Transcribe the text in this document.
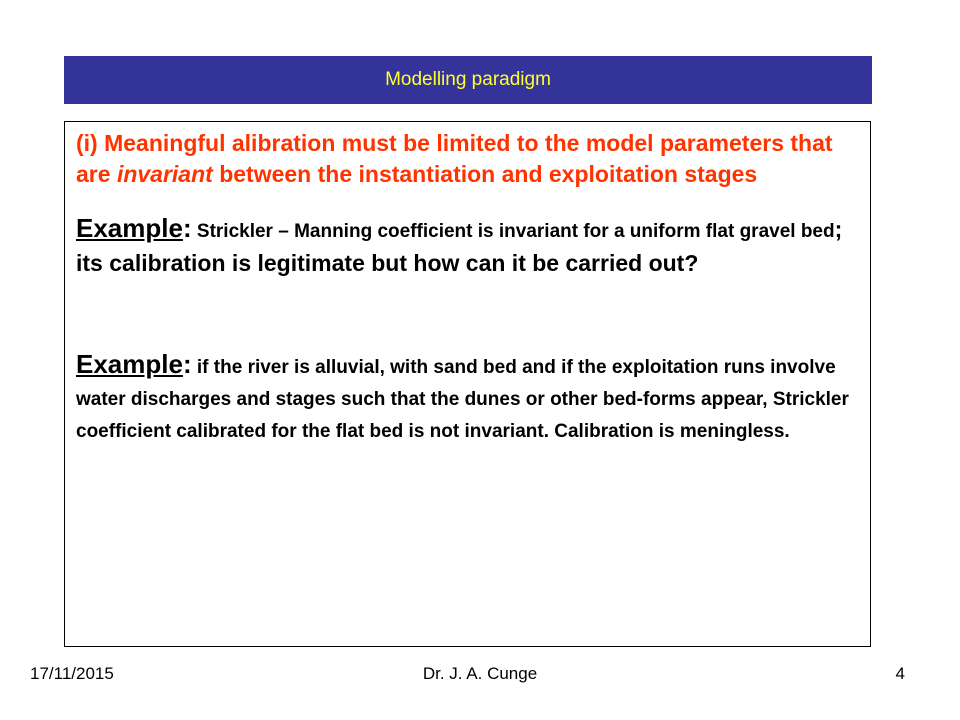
Modelling paradigm

(i) Meaningful alibration must be limited to the model parameters that are invariant between the instantiation and exploitation stages

Example: Strickler – Manning coefficient is invariant for a uniform flat gravel bed; its calibration is legitimate but how can it be carried out?

Example: if the river is alluvial, with sand bed and if the exploitation runs involve water discharges and stages such that the dunes or other bed-forms appear, Strickler coefficient calibrated for the flat bed is not invariant. Calibration is meningless.

17/11/2015	Dr. J. A. Cunge	4
